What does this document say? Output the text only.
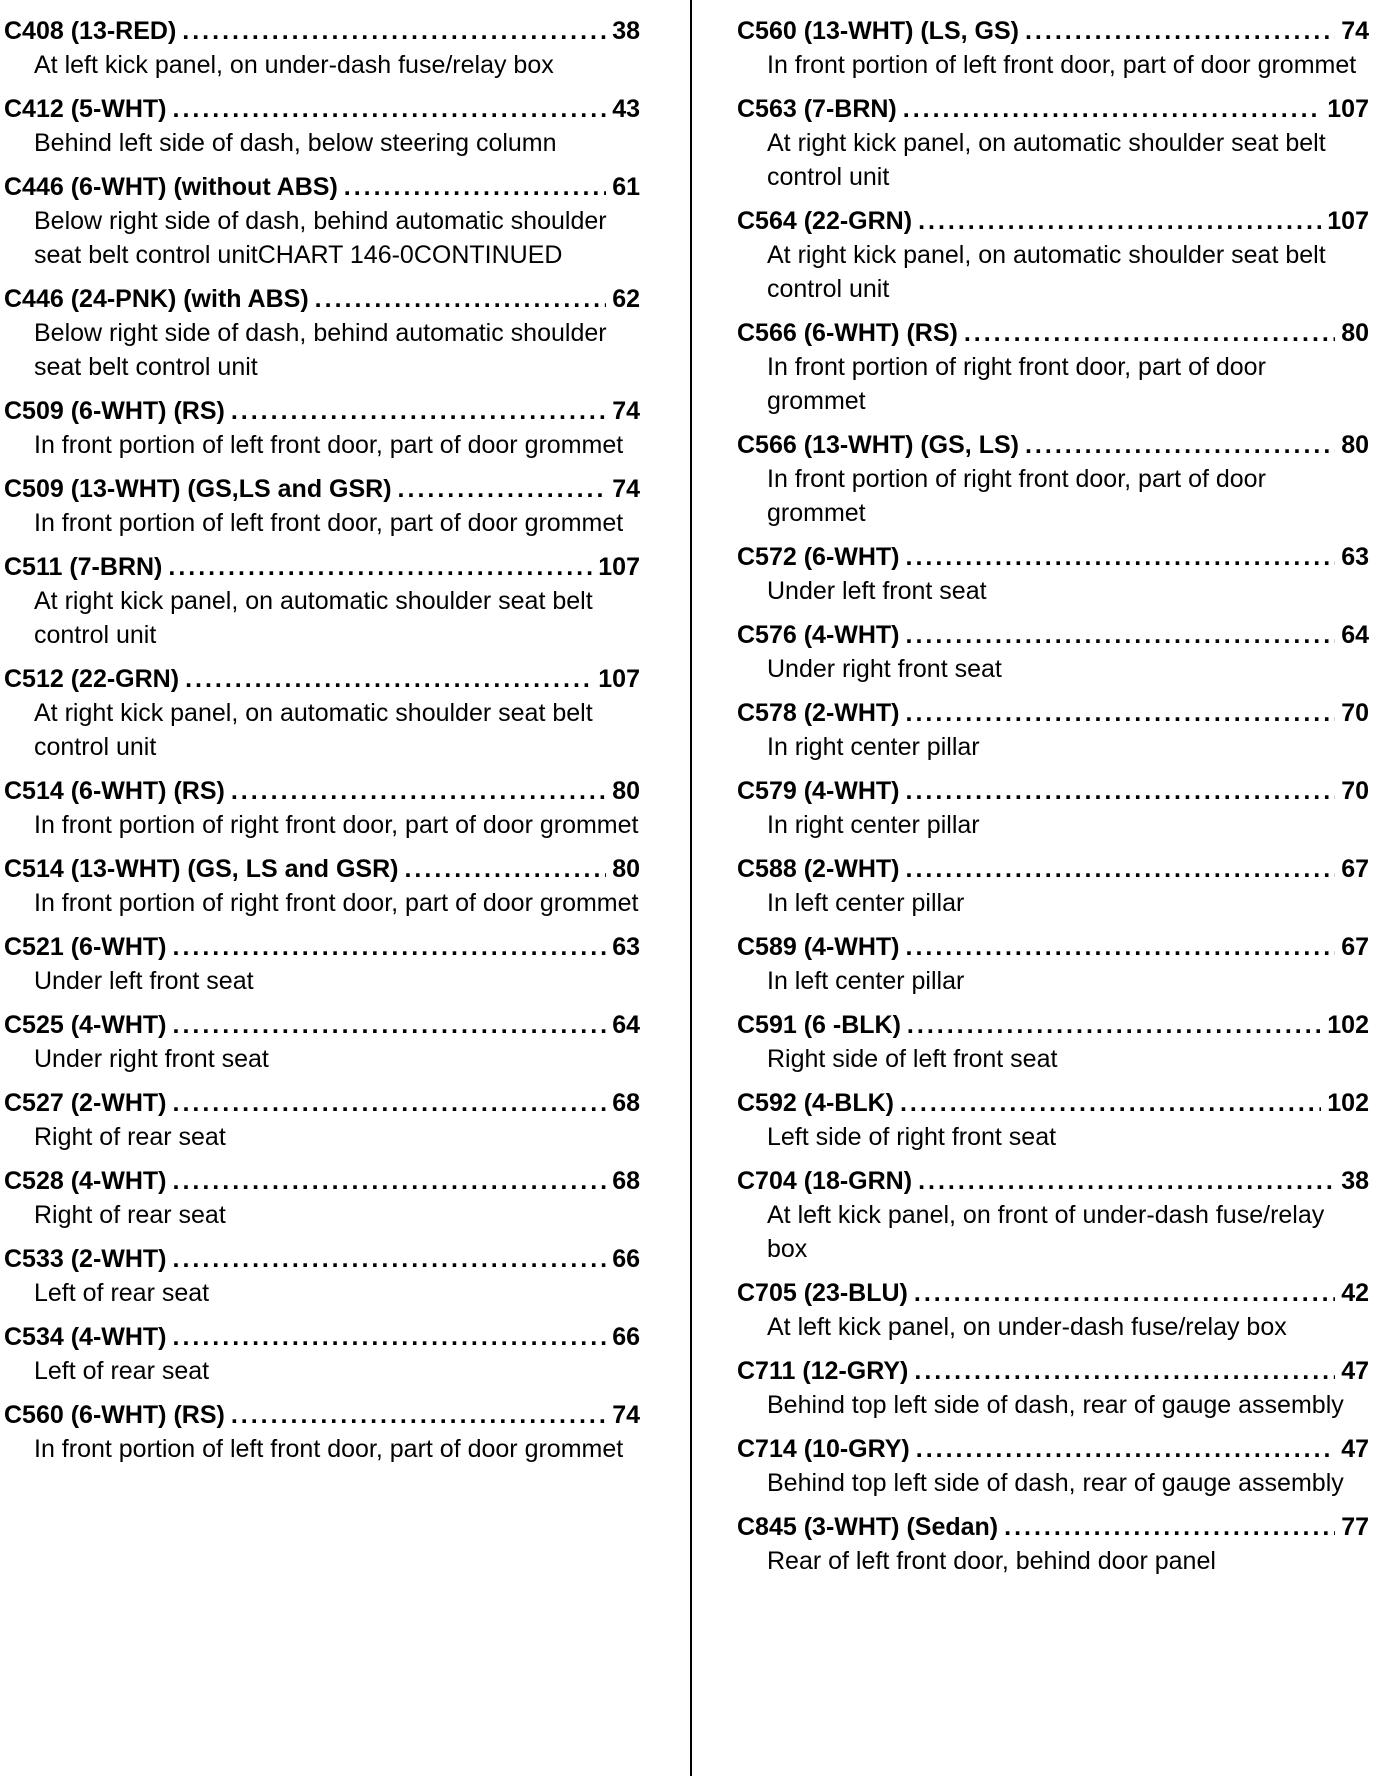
C408 (13-RED) .....	38
At left kick panel, on under-dash fuse/relay box
C412 (5-WHT) .....	43
Behind left side of dash, below steering column
C446 (6-WHT) (without ABS) .....	61
Below right side of dash, behind automatic shoulder seat belt control unitCHART 146-0CONTINUED
C446 (24-PNK) (with ABS) .....	62
Below right side of dash, behind automatic shoulder seat belt control unit
C509 (6-WHT) (RS) .....	74
In front portion of left front door, part of door grommet
C509 (13-WHT) (GS,LS and GSR) .....	74
In front portion of left front door, part of door grommet
C511 (7-BRN) .....	107
At right kick panel, on automatic shoulder seat belt control unit
C512 (22-GRN) .....	107
At right kick panel, on automatic shoulder seat belt control unit
C514 (6-WHT) (RS) .....	80
In front portion of right front door, part of door grommet
C514 (13-WHT) (GS, LS and GSR) .....	80
In front portion of right front door, part of door grommet
C521 (6-WHT) .....	63
Under left front seat
C525 (4-WHT) .....	64
Under right front seat
C527 (2-WHT) .....	68
Right of rear seat
C528 (4-WHT) .....	68
Right of rear seat
C533 (2-WHT) .....	66
Left of rear seat
C534 (4-WHT) .....	66
Left of rear seat
C560 (6-WHT) (RS) .....	74
In front portion of left front door, part of door grommet
C560 (13-WHT) (LS, GS) .....	74
In front portion of left front door, part of door grommet
C563 (7-BRN) .....	107
At right kick panel, on automatic shoulder seat belt control unit
C564 (22-GRN) .....	107
At right kick panel, on automatic shoulder seat belt control unit
C566 (6-WHT) (RS) .....	80
In front portion of right front door, part of door grommet
C566 (13-WHT) (GS, LS) .....	80
In front portion of right front door, part of door grommet
C572 (6-WHT) .....	63
Under left front seat
C576 (4-WHT) .....	64
Under right front seat
C578 (2-WHT) .....	70
In right center pillar
C579 (4-WHT) .....	70
In right center pillar
C588 (2-WHT) .....	67
In left center pillar
C589 (4-WHT) .....	67
In left center pillar
C591 (6 -BLK) .....	102
Right side of left front seat
C592 (4-BLK) .....	102
Left side of right front seat
C704 (18-GRN) .....	38
At left kick panel, on front of under-dash fuse/relay box
C705 (23-BLU) .....	42
At left kick panel, on under-dash fuse/relay box
C711 (12-GRY) .....	47
Behind top left side of dash, rear of gauge assembly
C714 (10-GRY) .....	47
Behind top left side of dash, rear of gauge assembly
C845 (3-WHT) (Sedan) .....	77
Rear of left front door, behind door panel
